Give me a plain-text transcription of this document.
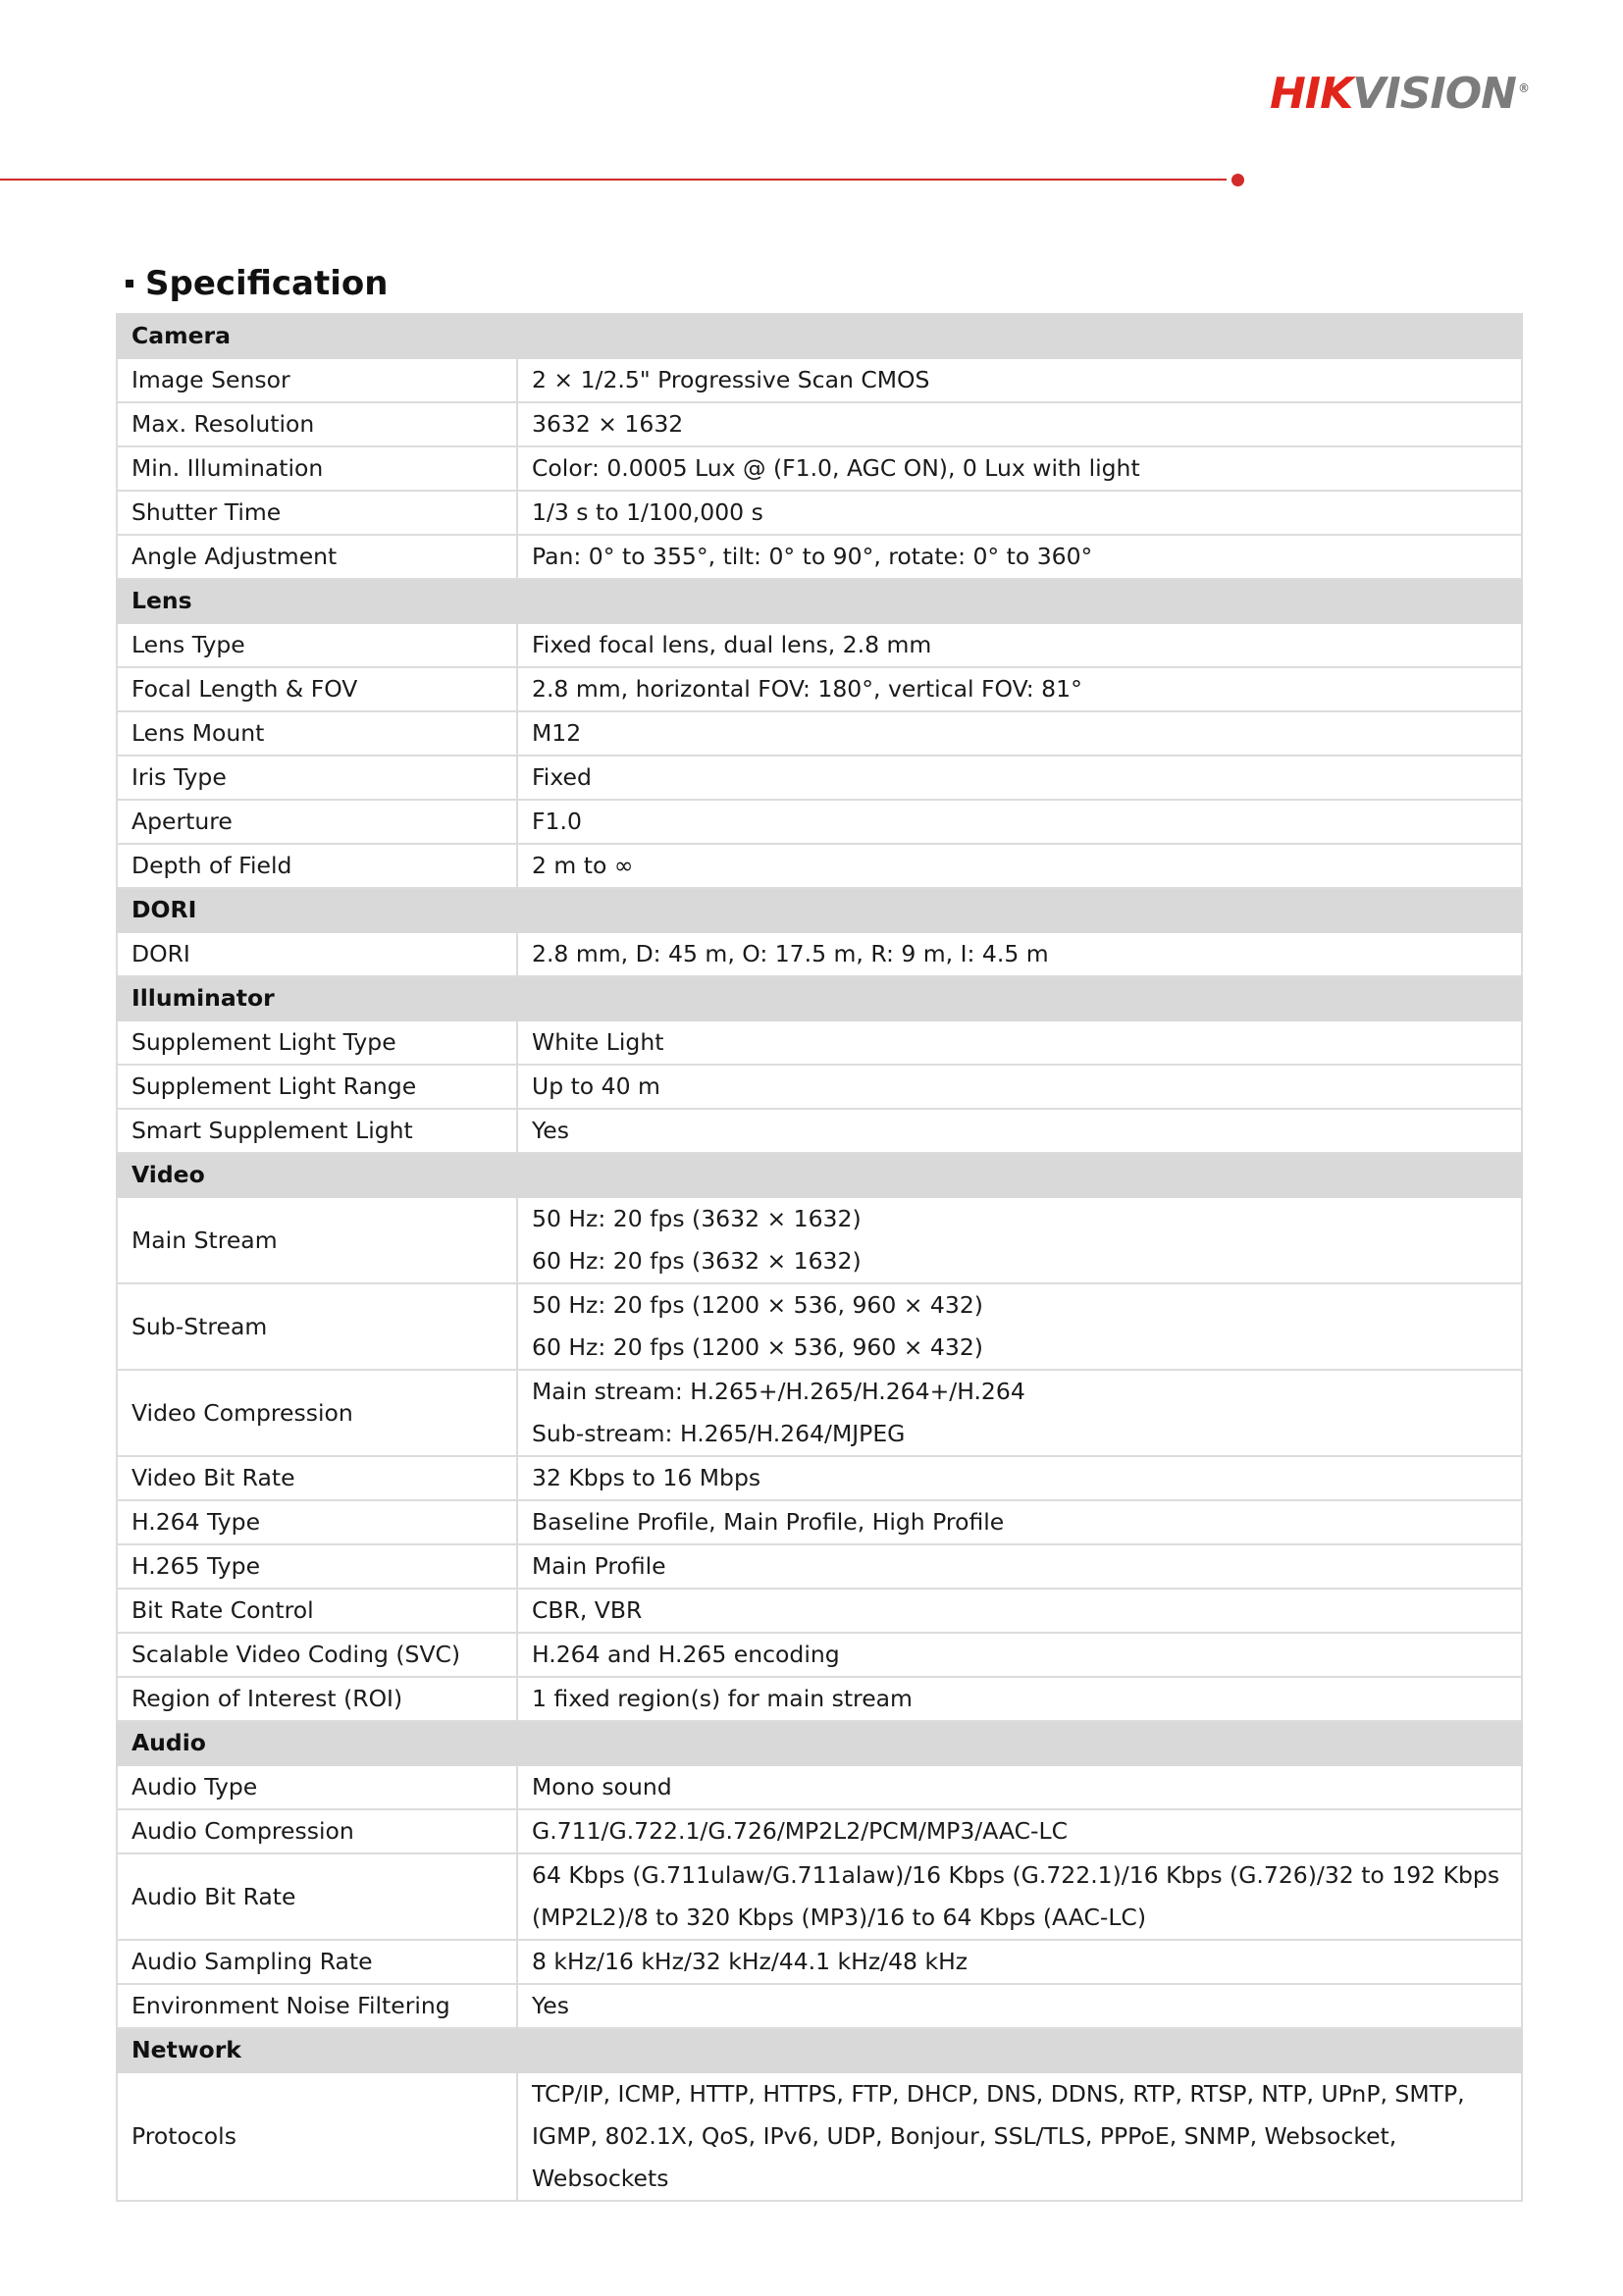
HIKVISION ®
Specification
Camera	
Image Sensor	2 × 1/2.5" Progressive Scan CMOS

Max. Resolution	3632 × 1632

Min. Illumination	Color: 0.0005 Lux @ (F1.0, AGC ON), 0 Lux with light

Shutter Time	1/3 s to 1/100,000 s

Angle Adjustment	Pan: 0° to 355°, tilt: 0° to 90°, rotate: 0° to 360°

Lens	
Lens Type	Fixed focal lens, dual lens, 2.8 mm

Focal Length & FOV	2.8 mm, horizontal FOV: 180°, vertical FOV: 81°

Lens Mount	M12

Iris Type	Fixed

Aperture	F1.0

Depth of Field	2 m to ∞

DORI	
DORI	2.8 mm, D: 45 m, O: 17.5 m, R: 9 m, I: 4.5 m

Illuminator	
Supplement Light Type	White Light

Supplement Light Range	Up to 40 m

Smart Supplement Light	Yes

Video	
Main Stream	50 Hz: 20 fps (3632 × 1632)
60 Hz: 20 fps (3632 × 1632)

Sub-Stream	50 Hz: 20 fps (1200 × 536, 960 × 432)
60 Hz: 20 fps (1200 × 536, 960 × 432)

Video Compression	Main stream: H.265+/H.265/H.264+/H.264
Sub-stream: H.265/H.264/MJPEG

Video Bit Rate	32 Kbps to 16 Mbps

H.264 Type	Baseline Profile, Main Profile, High Profile

H.265 Type	Main Profile

Bit Rate Control	CBR, VBR

Scalable Video Coding (SVC)	H.264 and H.265 encoding

Region of Interest (ROI)	1 fixed region(s) for main stream

Audio	
Audio Type	Mono sound

Audio Compression	G.711/G.722.1/G.726/MP2L2/PCM/MP3/AAC-LC

Audio Bit Rate	64 Kbps (G.711ulaw/G.711alaw)/16 Kbps (G.722.1)/16 Kbps (G.726)/32 to 192 Kbps
(MP2L2)/8 to 320 Kbps (MP3)/16 to 64 Kbps (AAC-LC)

Audio Sampling Rate	8 kHz/16 kHz/32 kHz/44.1 kHz/48 kHz

Environment Noise Filtering	Yes

Network	
Protocols	TCP/IP, ICMP, HTTP, HTTPS, FTP, DHCP, DNS, DDNS, RTP, RTSP, NTP, UPnP, SMTP,
IGMP, 802.1X, QoS, IPv6, UDP, Bonjour, SSL/TLS, PPPoE, SNMP, Websocket,
Websockets
